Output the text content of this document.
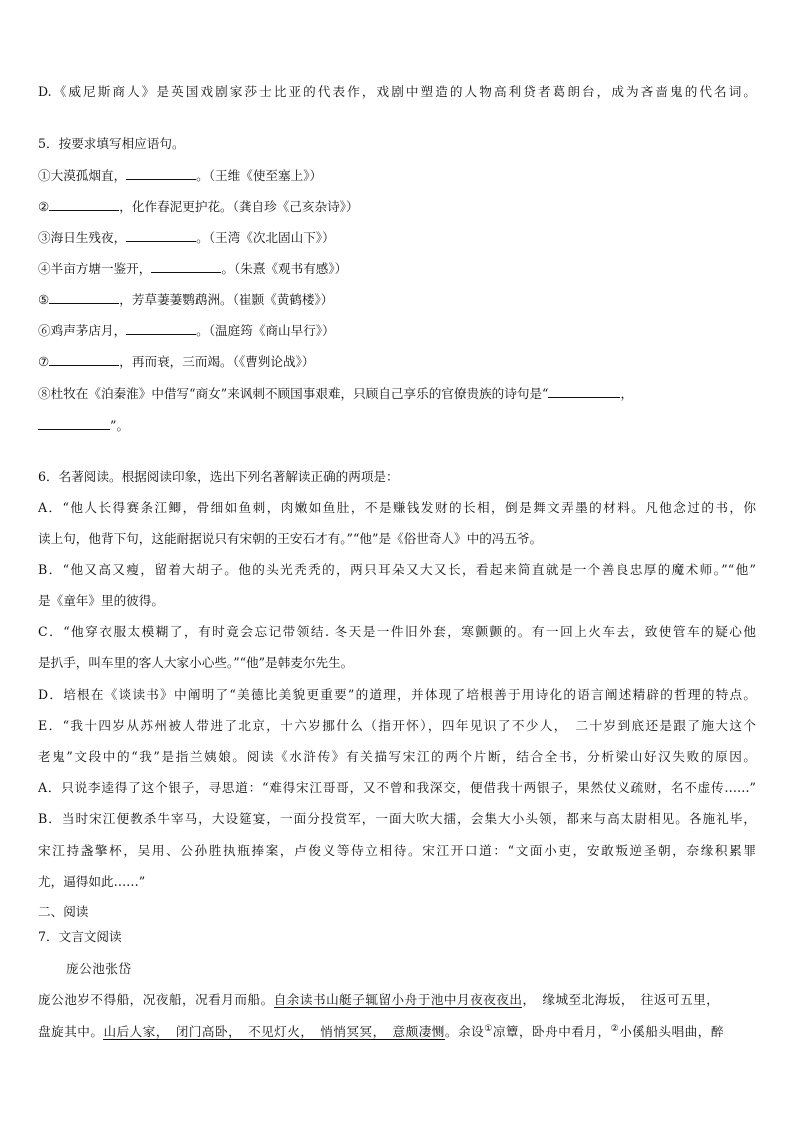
D.《威尼斯商人》是英国戏剧家莎士比亚的代表作，戏剧中塑造的人物高利贷者葛朗台，成为吝啬鬼的代名词。
5．按要求填写相应语句。
①大漠孤烟直，	。（王维《使至塞上》）
②	，化作春泥更护花。（龚自珍《己亥杂诗》）
③海日生残夜，	。（王湾《次北固山下》）
④半亩方塘一鉴开，	。（朱熹《观书有感》）
⑤	，芳草萋萋鹦鹉洲。（崔颢《黄鹤楼》）
⑥鸡声茅店月，	。（温庭筠《商山早行》）
⑦	，再而衰，三而竭。（《曹刿论战》）
⑧杜牧在《泊秦淮》中借写“商女”来讽刺不顾国事艰难，只顾自己享乐的官僚贵族的诗句是“	，
”。
6．名著阅读。根据阅读印象，选出下列名著解读正确的两项是：
A．“他人长得赛条江鲫，骨细如鱼刺，肉嫩如鱼肚，不是赚钱发财的长相，倒是舞文弄墨的材料。凡他念过的书，你
读上句，他背下句，这能耐据说只有宋朝的王安石才有。”“他”是《俗世奇人》中的冯五爷。
B．“他又高又瘦，留着大胡子。他的头光秃秃的，两只耳朵又大又长，看起来简直就是一个善良忠厚的魔术师。”“他”
是《童年》里的彼得。
C．“他穿衣服太模糊了，有时竟会忘记带领结. 冬天是一件旧外套，寒颤颤的。有一回上火车去，致使管车的疑心他
是扒手，叫车里的客人大家小心些。”“他”是韩麦尔先生。
D．培根在《谈读书》中阐明了“美德比美貌更重要”的道理，并体现了培根善于用诗化的语言阐述精辟的哲理的特点。
E．“我十四岁从苏州被人带进了北京，十六岁挪什么（指开怀），四年见识了不少人，　二十岁到底还是跟了施大这个
老鬼”文段中的“我”是指兰姨娘。阅读《水浒传》有关描写宋江的两个片断，结合全书，分析梁山好汉失败的原因。
A．只说李逵得了这个银子，寻思道：“难得宋江哥哥，又不曾和我深交，便借我十两银子，果然仗义疏财，名不虚传……”
B．当时宋江便教杀牛宰马，大设筵宴，一面分投赏军，一面大吹大擂，会集大小头领，都来与高太尉相见。各施礼毕，
宋江持盏擎杯，吴用、公孙胜执瓶捧案，卢俊义等侍立相待。宋江开口道：“文面小吏，安敢叛逆圣朝，奈缘积累罪
尤，逼得如此……”
二、阅读
7．文言文阅读
庞公池张岱
庞公池岁不得船，况夜船，况看月而船。自余读书山艇子辄留小舟于池中月夜夜夜出，　缘城至北海坂，　往返可五里，
盘旋其中。山后人家，　闭门高卧，　不见灯火，　悄悄冥冥，　意颇凄恻。余设①凉簟，卧舟中看月，②小傒船头唱曲，醉
